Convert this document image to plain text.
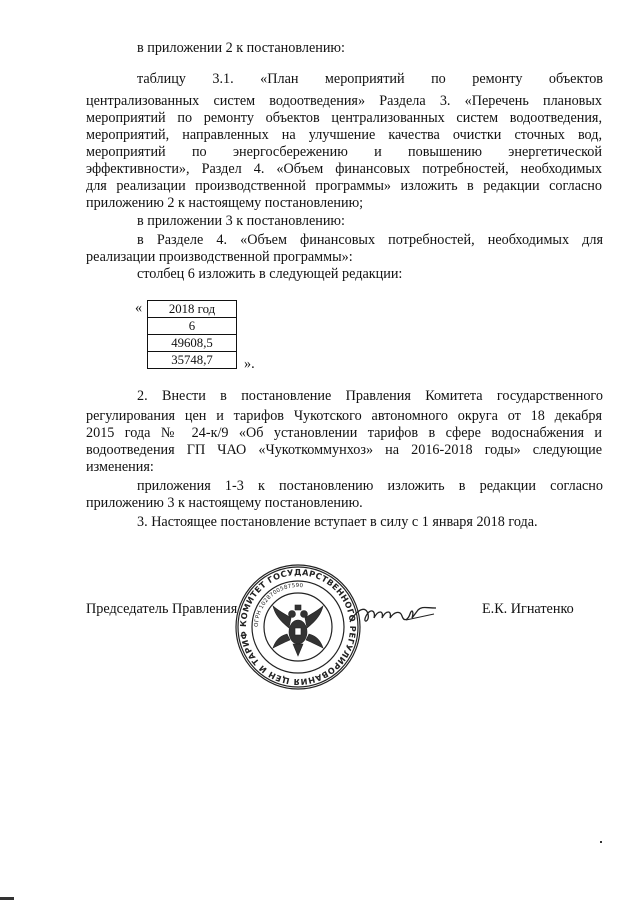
в приложении 2 к постановлению:

таблицу 3.1. «План мероприятий по ремонту объектов

централизованных систем водоотведения» Раздела 3. «Перечень плановых

мероприятий по ремонту объектов централизованных систем водоотведения,

мероприятий, направленных на улучшение качества очистки сточных вод,

мероприятий по энергосбережению и повышению энергетической

эффективности», Раздел 4. «Объем финансовых потребностей, необходимых

для реализации производственной программы» изложить в редакции согласно

приложению 2 к настоящему постановлению;

в приложении 3 к постановлению:

в Разделе 4. «Объем финансовых потребностей, необходимых для

реализации производственной программы»:

столбец 6 изложить в следующей редакции:

« 2018 год
6
49608,5
35748,7 ».

2. Внести в постановление Правления Комитета государственного

регулирования цен и тарифов Чукотского автономного округа от 18 декабря

2015 года № 24-к/9 «Об установлении тарифов в сфере водоснабжения и

водоотведения ГП ЧАО «Чукоткоммунхоз» на 2016-2018 годы» следующие

изменения:

приложения 1-3 к постановлению изложить в редакции согласно

приложению 3 к настоящему постановлению.

3. Настоящее постановление вступает в силу с 1 января 2018 года.

Председатель Правления	Е.К. Игнатенко
КОМИТЕТ ГОСУДАРСТВЕННОГО РЕГУЛИРОВАНИЯ ЦЕН И ТАРИФ
ОГРН 1028700587590
